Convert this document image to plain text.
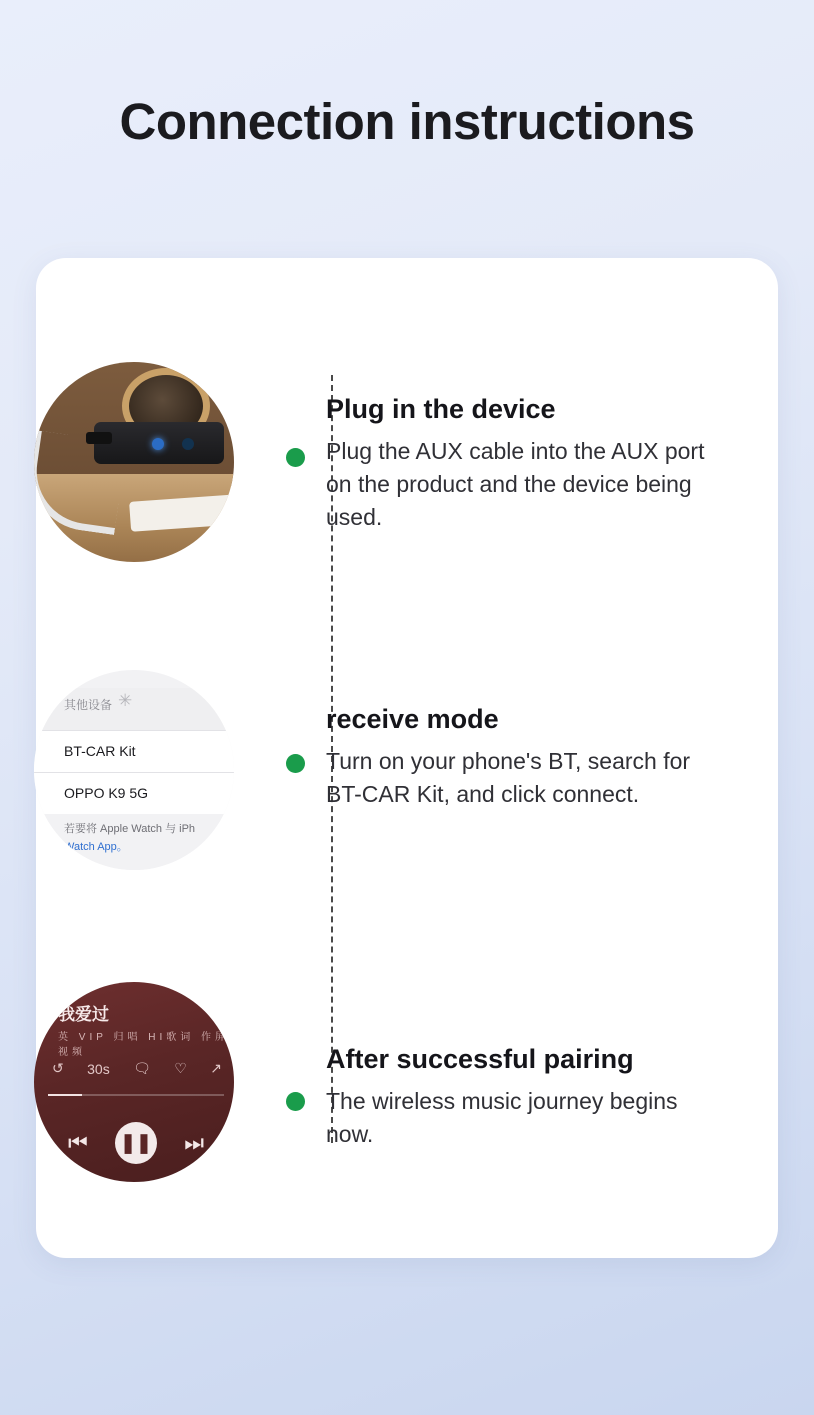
Connection instructions
Plug in the device
Plug the AUX cable into the AUX port on the product and the device being used.
其他设备 ✳
BT-CAR Kit
OPPO K9 5G
若要将 Apple Watch 与 iPh
Watch App。
receive mode
Turn on your phone's BT, search for BT-CAR Kit, and click connect.
我爱过
英 VIP 归唱 HI歌词 作屏 视频
↺ 30s 🗨 ♡ ↗
⏮ ❚❚ ⏭
After successful pairing
The wireless music journey begins now.
